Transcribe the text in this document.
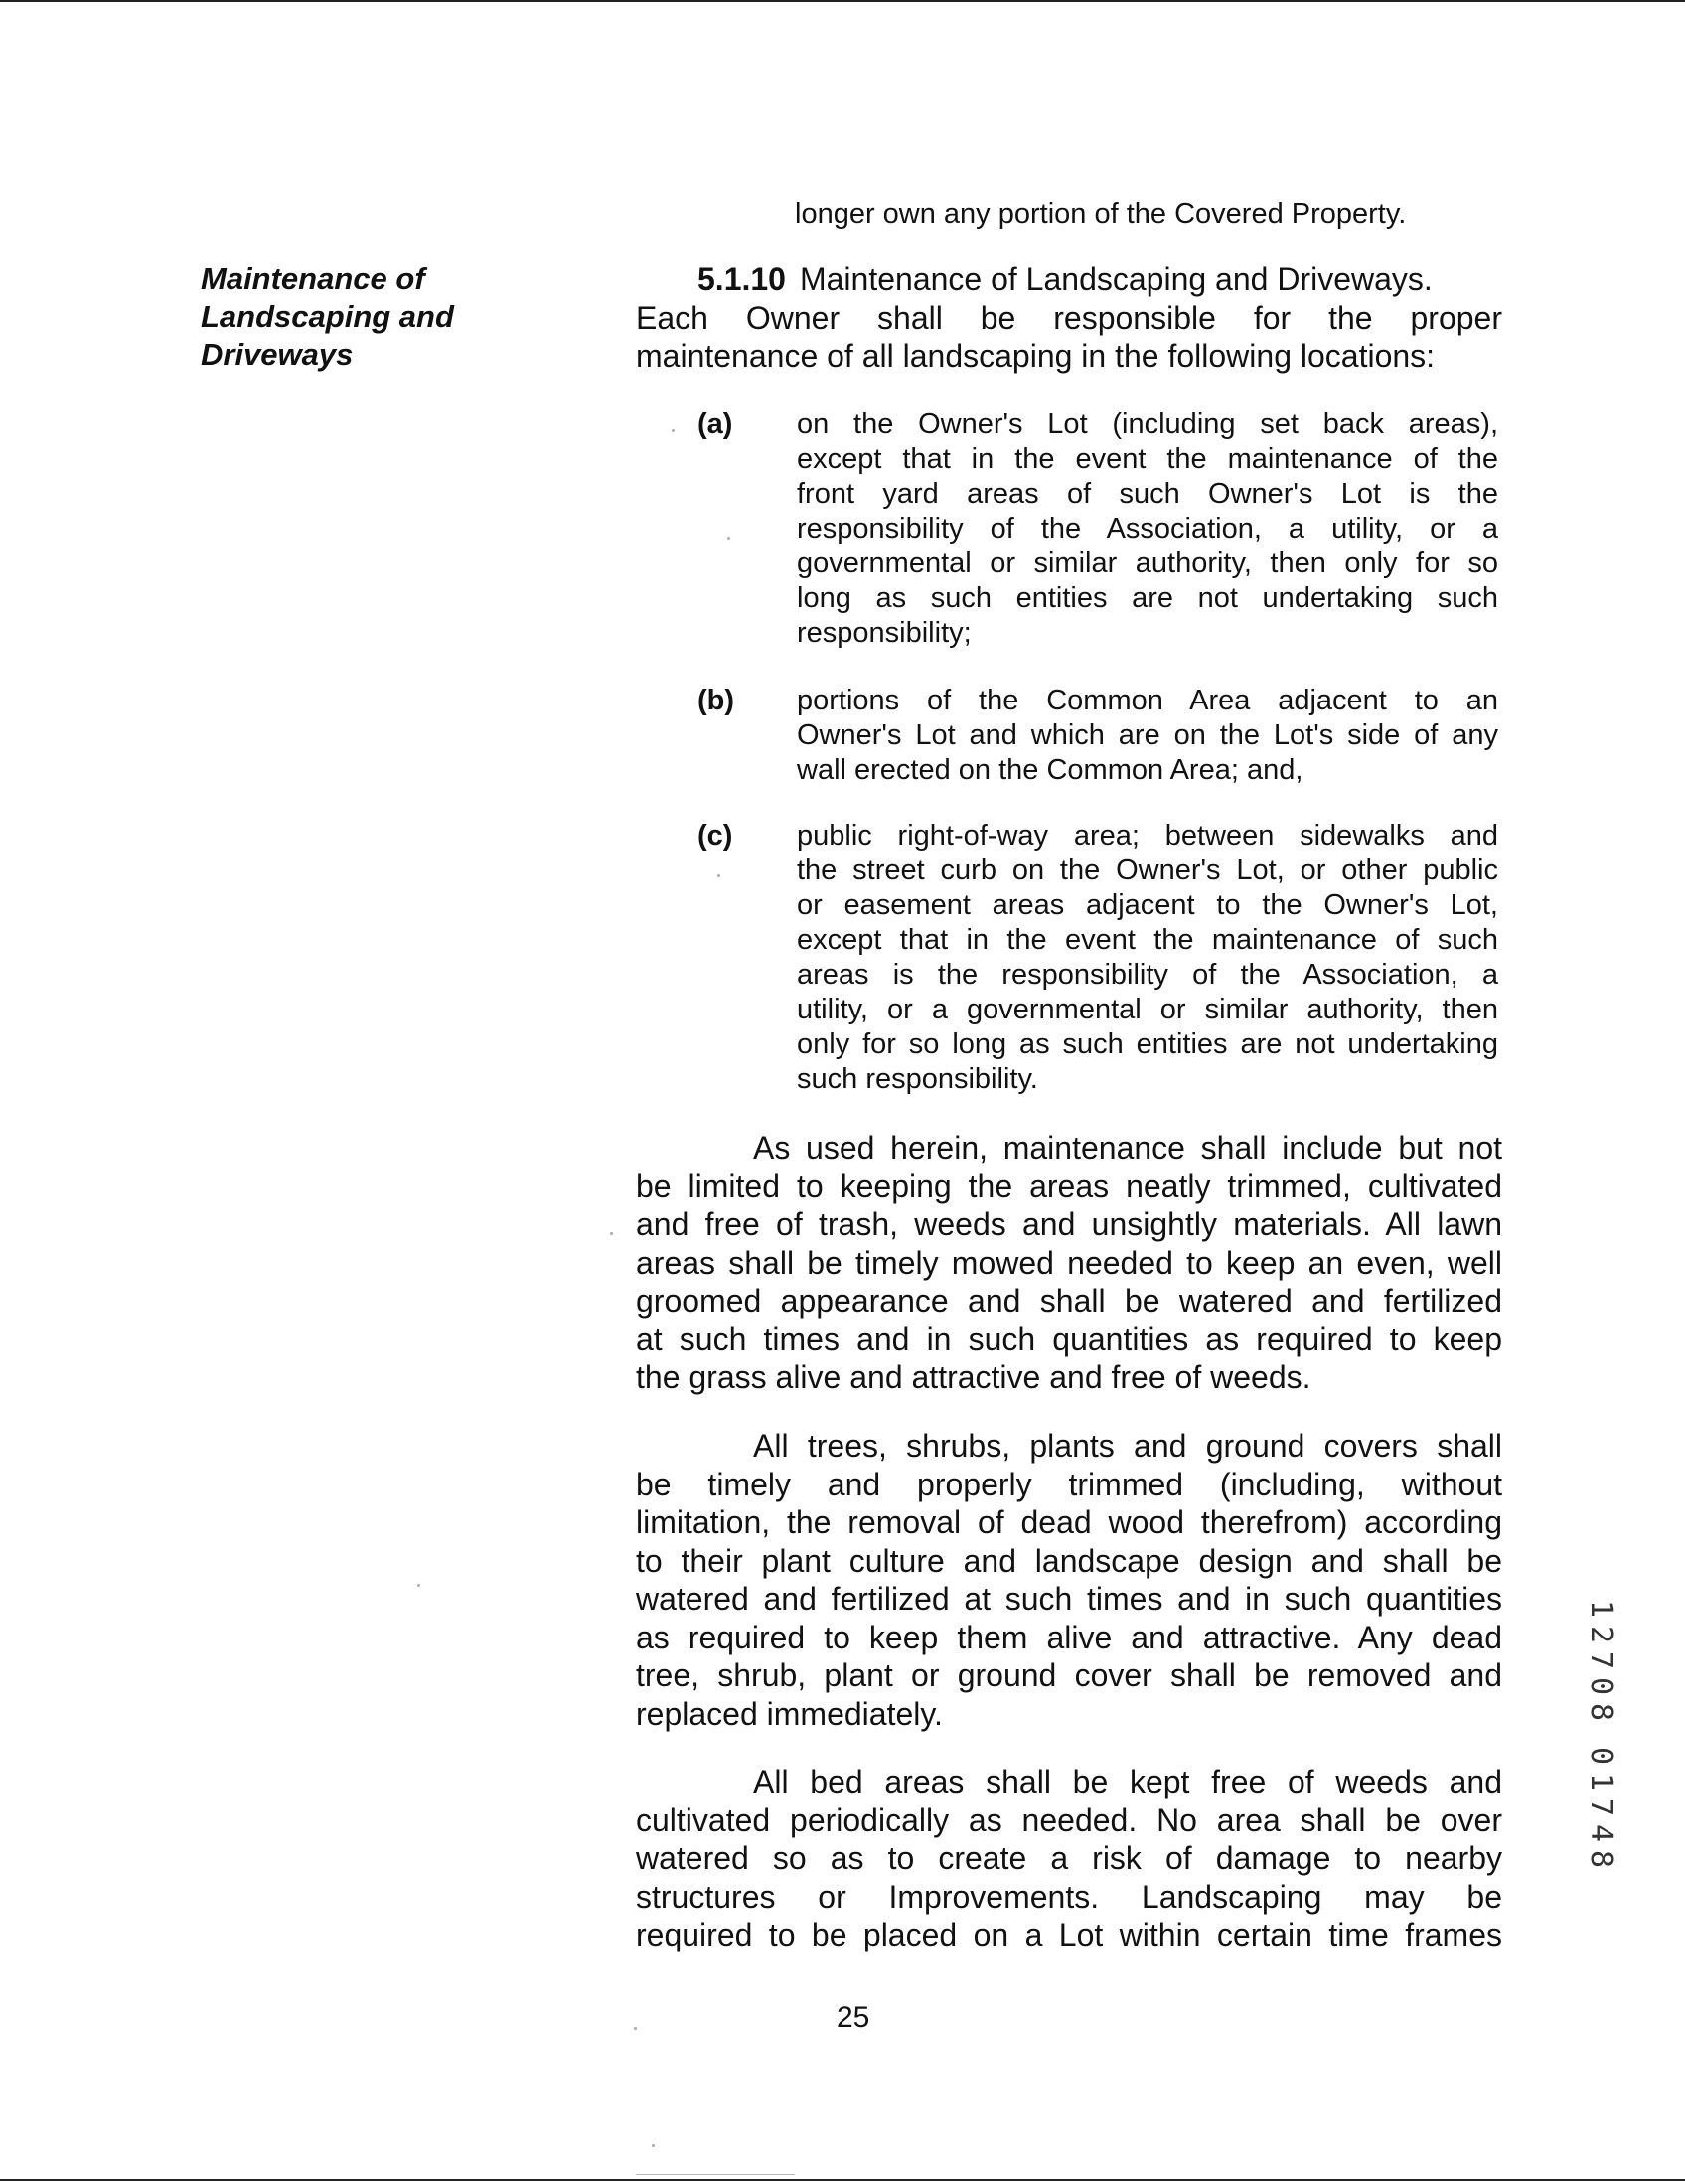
longer own any portion of the Covered Property.
Maintenance of
Landscaping and
Driveways
5.1.10 Maintenance of Landscaping and Driveways.
Each Owner shall be responsible for the proper
maintenance of all landscaping in the following locations:
(a) on the Owner's Lot (including set back areas),
except that in the event the maintenance of the
front yard areas of such Owner's Lot is the
responsibility of the Association, a utility, or a
governmental or similar authority, then only for so
long as such entities are not undertaking such
responsibility;
(b) portions of the Common Area adjacent to an
Owner's Lot and which are on the Lot's side of any
wall erected on the Common Area; and,
(c) public right-of-way area; between sidewalks and
the street curb on the Owner's Lot, or other public
or easement areas adjacent to the Owner's Lot,
except that in the event the maintenance of such
areas is the responsibility of the Association, a
utility, or a governmental or similar authority, then
only for so long as such entities are not undertaking
such responsibility.
As used herein, maintenance shall include but not
be limited to keeping the areas neatly trimmed, cultivated
and free of trash, weeds and unsightly materials. All lawn
areas shall be timely mowed needed to keep an even, well
groomed appearance and shall be watered and fertilized
at such times and in such quantities as required to keep
the grass alive and attractive and free of weeds.
All trees, shrubs, plants and ground covers shall
be timely and properly trimmed (including, without
limitation, the removal of dead wood therefrom) according
to their plant culture and landscape design and shall be
watered and fertilized at such times and in such quantities
as required to keep them alive and attractive. Any dead
tree, shrub, plant or ground cover shall be removed and
replaced immediately.
All bed areas shall be kept free of weeds and
cultivated periodically as needed. No area shall be over
watered so as to create a risk of damage to nearby
structures or Improvements. Landscaping may be
required to be placed on a Lot within certain time frames
25
1
2
7
0
8

0
1
7
4
8
